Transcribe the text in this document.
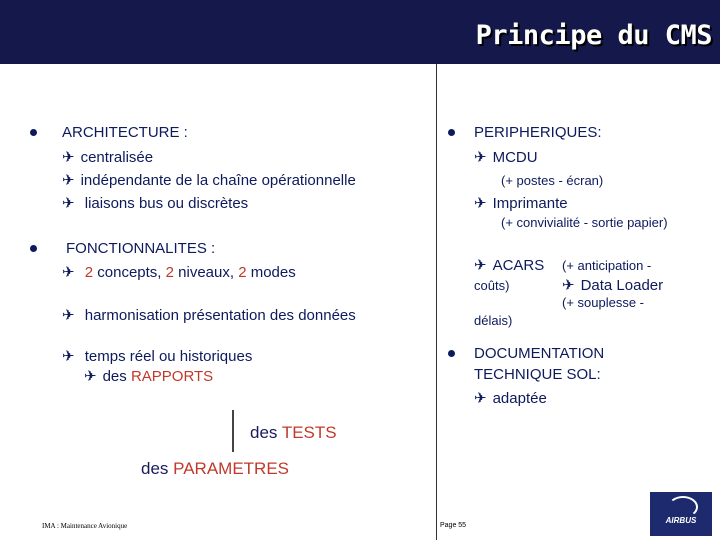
Principe du CMS
ARCHITECTURE :
✈ centralisée
✈ indépendante de la chaîne opérationnelle
✈ liaisons bus ou discrètes
FONCTIONNALITES :
✈ 2 concepts, 2 niveaux, 2 modes
✈ harmonisation présentation des données
✈ temps réel ou historiques
✈ des RAPPORTS
des TESTS
des PARAMETRES
PERIPHERIQUES:
✈ MCDU
(+ postes - écran)
✈ Imprimante
(+ convivialité - sortie papier)
✈ ACARS (+ anticipation -
coûts)	✈ Data Loader
(+ souplesse -
délais)
DOCUMENTATION
TECHNIQUE SOL:
✈ adaptée
IMA : Maintenance Avionique	Page 55
AIRBUS
